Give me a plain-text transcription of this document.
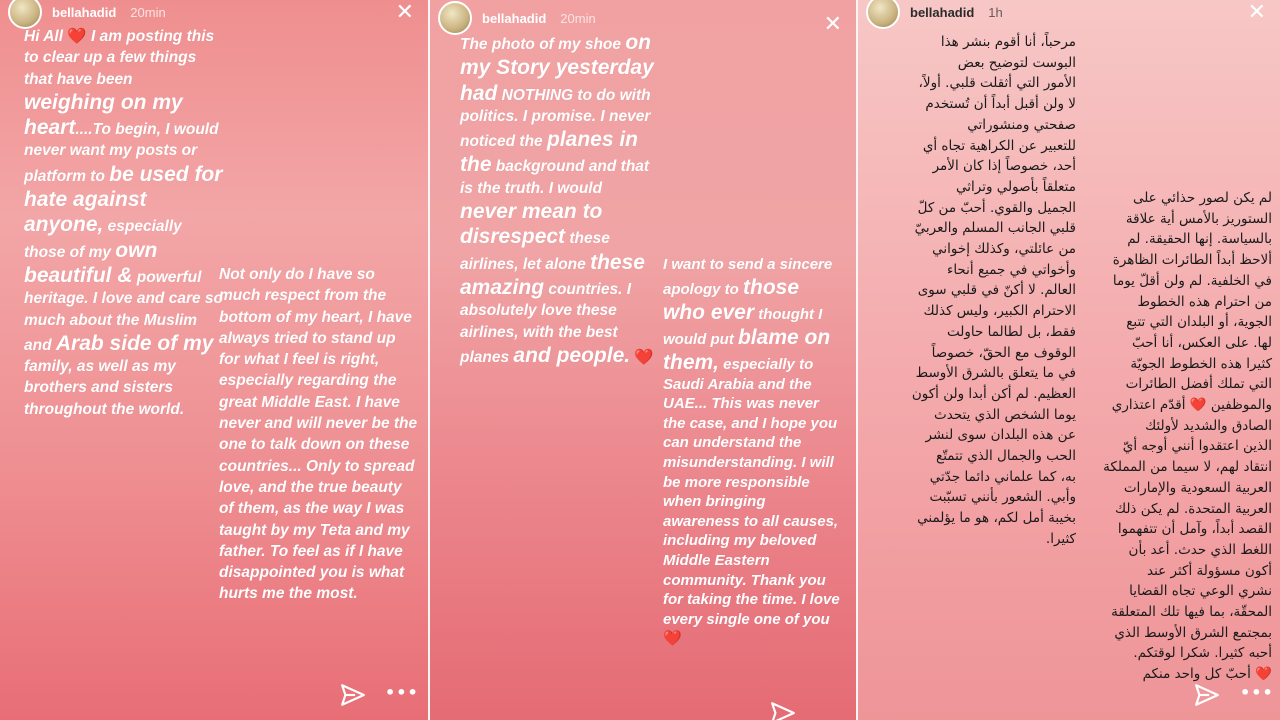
bellahadid 20min	✕
Hi All ❤️ I am posting this to clear up a few things that have been weighing on my heart....To begin, I would never want my posts or platform to be used for hate against anyone, especially those of my own beautiful & powerful heritage. I love and care so much about the Muslim and Arab side of my family, as well as my brothers and sisters throughout the world.
Not only do I have so much respect from the bottom of my heart, I have always tried to stand up for what I feel is right, especially regarding the great Middle East. I have never and will never be the one to talk down on these countries... Only to spread love, and the true beauty of them, as the way I was taught by my Teta and my father. To feel as if I have disappointed you is what hurts me the most.
•••
bellahadid 20min	✕
The photo of my shoe on my Story yesterday had NOTHING to do with politics. I promise. I never noticed the planes in the background and that is the truth. I would never mean to disrespect these airlines, let alone these amazing countries. I absolutely love these airlines, with the best planes and people. ❤️
I want to send a sincere apology to those who ever thought I would put blame on them, especially to Saudi Arabia and the UAE... This was never the case, and I hope you can understand the misunderstanding. I will be more responsible when bringing awareness to all causes, including my beloved Middle Eastern community. Thank you for taking the time. I love every single one of you ❤️
bellahadid 1h	✕
مرحباً، أنا أقوم بنشر هذا
البوست لتوضيح بعض
الأمور التي أثقلت قلبي. أولاً،
لا ولن أقبل أبداً أن تُستخدم
صفحتي ومنشوراتي
للتعبير عن الكراهية تجاه أي
أحد، خصوصاً إذا كان الأمر
متعلقاً بأصولي وتراثي
الجميل والقوي. أحبّ من كلّ
قلبي الجانب المسلم والعربيّ
من عائلتي، وكذلك إخواني
وأخواتي في جميع أنحاء
العالم. لا أكنّ في قلبي سوى
الاحترام الكبير، وليس كذلك
فقط، بل لطالما حاولت
الوقوف مع الحقّ، خصوصاً
في ما يتعلق بالشرق الأوسط
العظيم. لم أكن أبدا ولن أكون
يوما الشخص الذي يتحدث
عن هذه البلدان سوى لنشر
الحب والجمال الذي تتمتّع
به، كما علماني دائما جدّتي
وأبي. الشعور بأنني تسبّبت
بخيبة أمل لكم، هو ما يؤلمني
كثيرا.
لم يكن لصور حذائي على
الستوريز بالأمس أية علاقة
بالسياسة. إنها الحقيقة. لم
ألاحظ أبداً الطائرات الظاهرة
في الخلفية. لم ولن أقلّ يوما
من احترام هذه الخطوط
الجوية، أو البلدان التي تتبع
لها. على العكس، أنا أحبّ
كثيرا هذه الخطوط الجويّة
التي تملك أفضل الطائرات
والموظفين ❤️ أقدّم اعتذاري
الصادق والشديد لأولئك
الذين اعتقدوا أنني أوجه أيّ
انتقاد لهم، لا سيما من المملكة
العربية السعودية والإمارات
العربية المتحدة. لم يكن ذلك
القصد أبداً، وآمل أن تتفهموا
اللغط الذي حدث. أعد بأن
أكون مسؤولة أكثر عند
نشري الوعي تجاه القضايا
المحقّة، بما فيها تلك المتعلقة
بمجتمع الشرق الأوسط الذي
أحبه كثيرا. شكرا لوقتكم.
❤️ أحبّ كل واحد منكم
•••
